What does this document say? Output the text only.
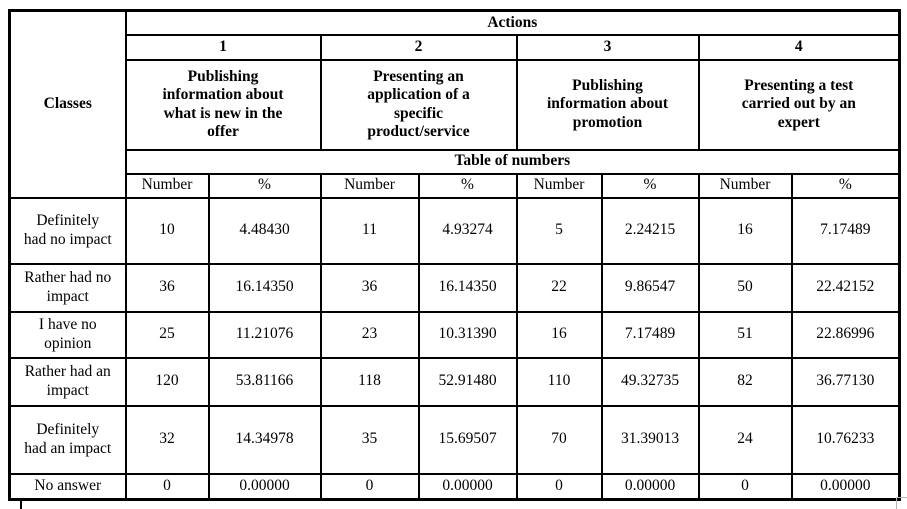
Classes	Actions							
	1		2		3		4	
	Publishing information about what is new in the offer		Presenting an application of a specific product/service		Publishing information about promotion		Presenting a test carried out by an expert	
	Table of numbers							
	Number	%	Number	%	Number	%	Number	%
Definitely had no impact	10	4.48430	11	4.93274	5	2.24215	16	7.17489
Rather had no impact	36	16.14350	36	16.14350	22	9.86547	50	22.42152
I have no opinion	25	11.21076	23	10.31390	16	7.17489	51	22.86996
Rather had an impact	120	53.81166	118	52.91480	110	49.32735	82	36.77130
Definitely had an impact	32	14.34978	35	15.69507	70	31.39013	24	10.76233
No answer	0	0.00000	0	0.00000	0	0.00000	0	0.00000
